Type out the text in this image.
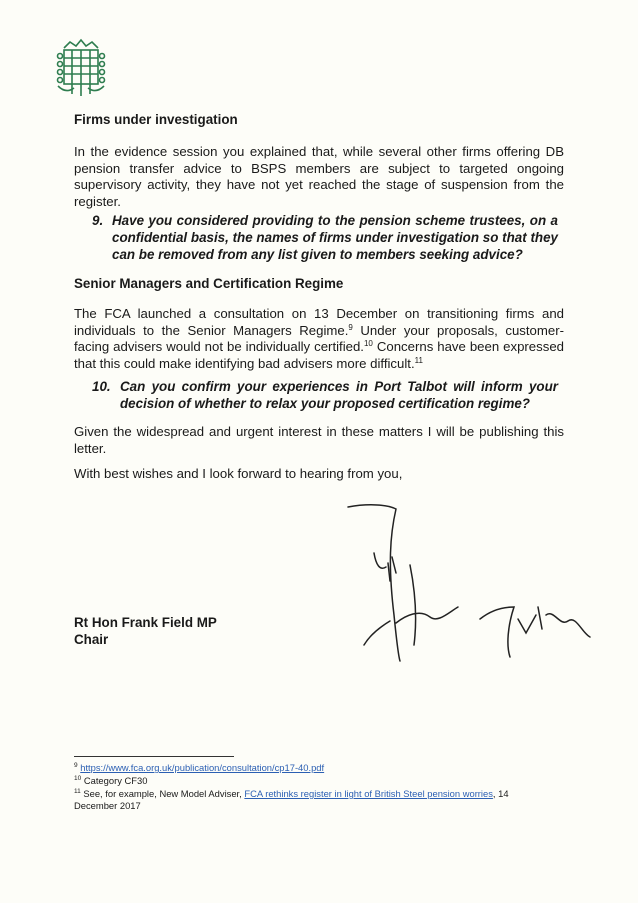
Firms under investigation
In the evidence session you explained that, while several other firms offering DB pension transfer advice to BSPS members are subject to targeted ongoing supervisory activity, they have not yet reached the stage of suspension from the register.
9. Have you considered providing to the pension scheme trustees, on a confidential basis, the names of firms under investigation so that they can be removed from any list given to members seeking advice?
Senior Managers and Certification Regime
The FCA launched a consultation on 13 December on transitioning firms and individuals to the Senior Managers Regime.$^9$ Under your proposals, customer-facing advisers would not be individually certified.$^{10}$ Concerns have been expressed that this could make identifying bad advisers more difficult.$^{11}$
10. Can you confirm your experiences in Port Talbot will inform your decision of whether to relax your proposed certification regime?
Given the widespread and urgent interest in these matters I will be publishing this letter.
With best wishes and I look forward to hearing from you,
Rt Hon Frank Field MP
Chair
$^9$ https://www.fca.org.uk/publication/consultation/cp17-40.pdf
$^{10}$ Category CF30
$^{11}$ See, for example, New Model Adviser, FCA rethinks register in light of British Steel pension worries, 14 December 2017
